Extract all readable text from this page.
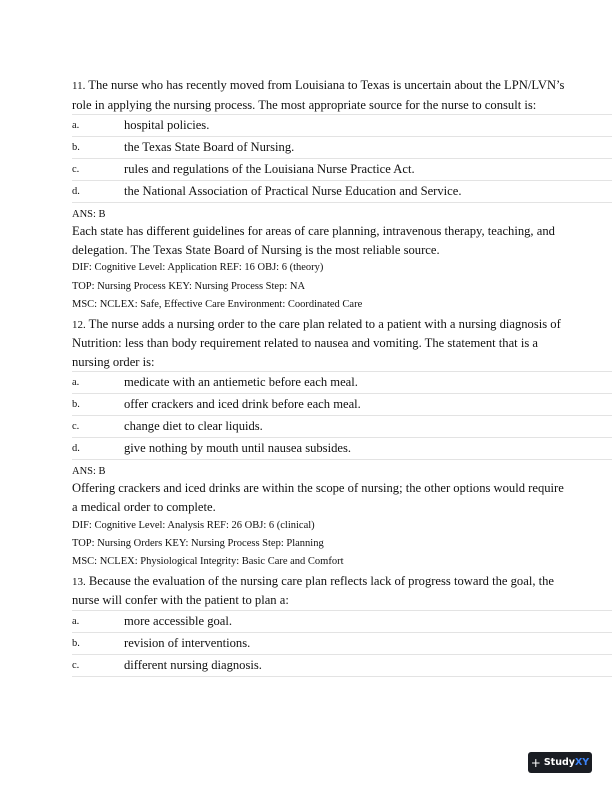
11. The nurse who has recently moved from Louisiana to Texas is uncertain about the LPN/LVN’s role in applying the nursing process. The most appropriate source for the nurse to consult is:
a.	hospital policies.
b.	the Texas State Board of Nursing.
c.	rules and regulations of the Louisiana Nurse Practice Act.
d.	the National Association of Practical Nurse Education and Service.
ANS: B
Each state has different guidelines for areas of care planning, intravenous therapy, teaching, and delegation. The Texas State Board of Nursing is the most reliable source.
DIF: Cognitive Level: Application REF: 16 OBJ: 6 (theory)
TOP: Nursing Process KEY: Nursing Process Step: NA
MSC: NCLEX: Safe, Effective Care Environment: Coordinated Care
12. The nurse adds a nursing order to the care plan related to a patient with a nursing diagnosis of Nutrition: less than body requirement related to nausea and vomiting. The statement that is a nursing order is:
a.	medicate with an antiemetic before each meal.
b.	offer crackers and iced drink before each meal.
c.	change diet to clear liquids.
d.	give nothing by mouth until nausea subsides.
ANS: B
Offering crackers and iced drinks are within the scope of nursing; the other options would require a medical order to complete.
DIF: Cognitive Level: Analysis REF: 26 OBJ: 6 (clinical)
TOP: Nursing Orders KEY: Nursing Process Step: Planning
MSC: NCLEX: Physiological Integrity: Basic Care and Comfort
13. Because the evaluation of the nursing care plan reflects lack of progress toward the goal, the nurse will confer with the patient to plan a:
a.	more accessible goal.
b.	revision of interventions.
c.	different nursing diagnosis.
+ StudyXY
